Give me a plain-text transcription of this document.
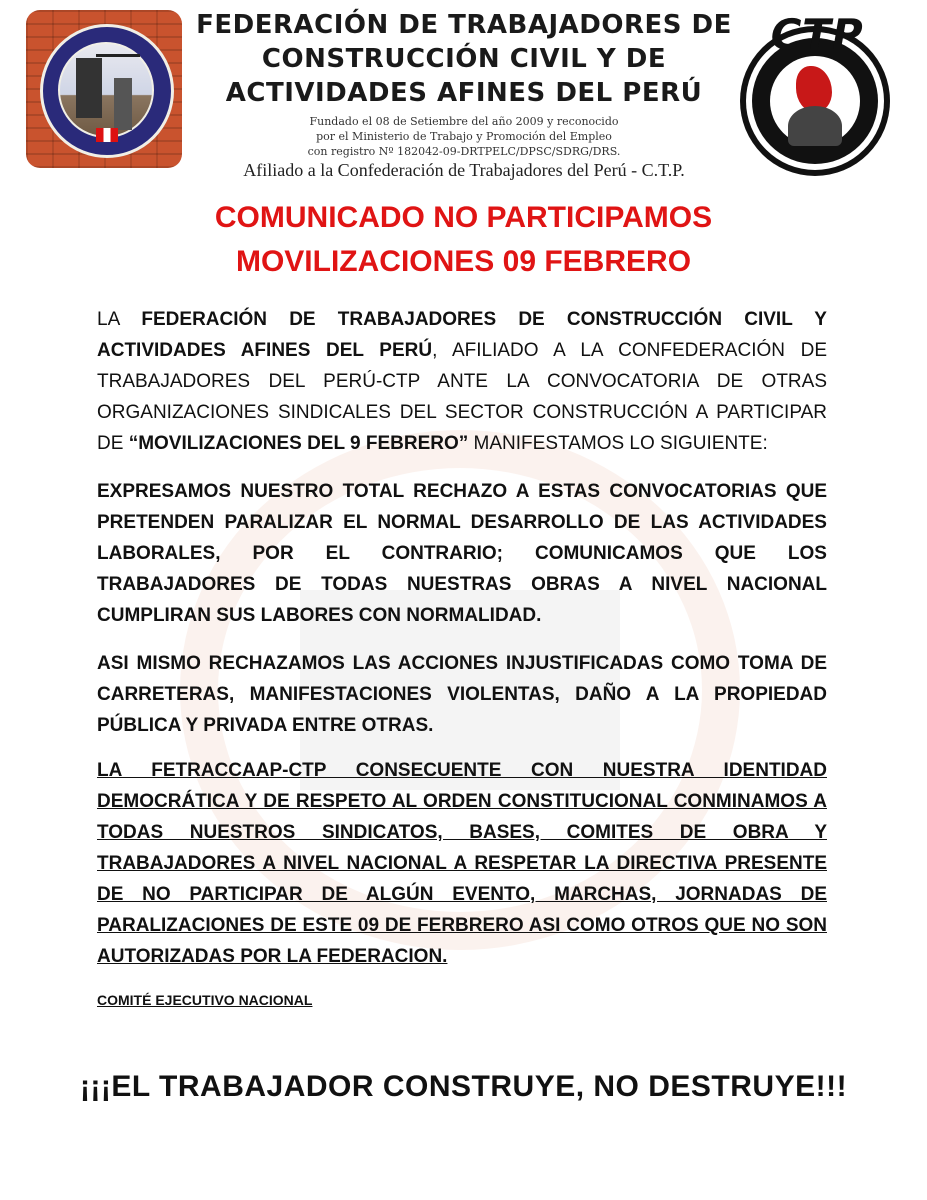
FEDERACIÓN DE TRABAJADORES DE
CONSTRUCCIÓN CIVIL Y DE
ACTIVIDADES AFINES DEL PERÚ
Fundado el 08 de Setiembre del año 2009 y reconocido
por el Ministerio de Trabajo y Promoción del Empleo
con registro Nº 182042-09-DRTPELC/DPSC/SDRG/DRS.
Afiliado a la Confederación de Trabajadores del Perú - C.T.P.
CTP
COMUNICADO NO PARTICIPAMOS
MOVILIZACIONES 09 FEBRERO
LA FEDERACIÓN DE TRABAJADORES DE CONSTRUCCIÓN CIVIL Y ACTIVIDADES AFINES DEL PERÚ, AFILIADO A LA CONFEDERACIÓN DE TRABAJADORES DEL PERÚ-CTP ANTE LA CONVOCATORIA DE OTRAS ORGANIZACIONES SINDICALES DEL SECTOR CONSTRUCCIÓN A PARTICIPAR DE “MOVILIZACIONES DEL 9 FEBRERO” MANIFESTAMOS LO SIGUIENTE:
EXPRESAMOS NUESTRO TOTAL RECHAZO A ESTAS CONVOCATORIAS QUE PRETENDEN PARALIZAR EL NORMAL DESARROLLO DE LAS ACTIVIDADES LABORALES, POR EL CONTRARIO; COMUNICAMOS QUE LOS TRABAJADORES DE TODAS NUESTRAS OBRAS A NIVEL NACIONAL CUMPLIRAN SUS LABORES CON NORMALIDAD.
ASI MISMO RECHAZAMOS LAS ACCIONES INJUSTIFICADAS COMO TOMA DE CARRETERAS, MANIFESTACIONES VIOLENTAS, DAÑO A LA PROPIEDAD PÚBLICA Y PRIVADA ENTRE OTRAS.
LA FETRACCAAP-CTP CONSECUENTE CON NUESTRA IDENTIDAD DEMOCRÁTICA Y DE RESPETO AL ORDEN CONSTITUCIONAL CONMINAMOS A TODAS NUESTROS SINDICATOS, BASES, COMITES DE OBRA Y TRABAJADORES A NIVEL NACIONAL A RESPETAR LA DIRECTIVA PRESENTE DE NO PARTICIPAR DE ALGÚN EVENTO, MARCHAS, JORNADAS DE PARALIZACIONES DE ESTE 09 DE FERBRERO ASI COMO OTROS QUE NO SON AUTORIZADAS POR LA FEDERACION.
COMITÉ EJECUTIVO NACIONAL
¡¡¡EL TRABAJADOR CONSTRUYE, NO DESTRUYE!!!
